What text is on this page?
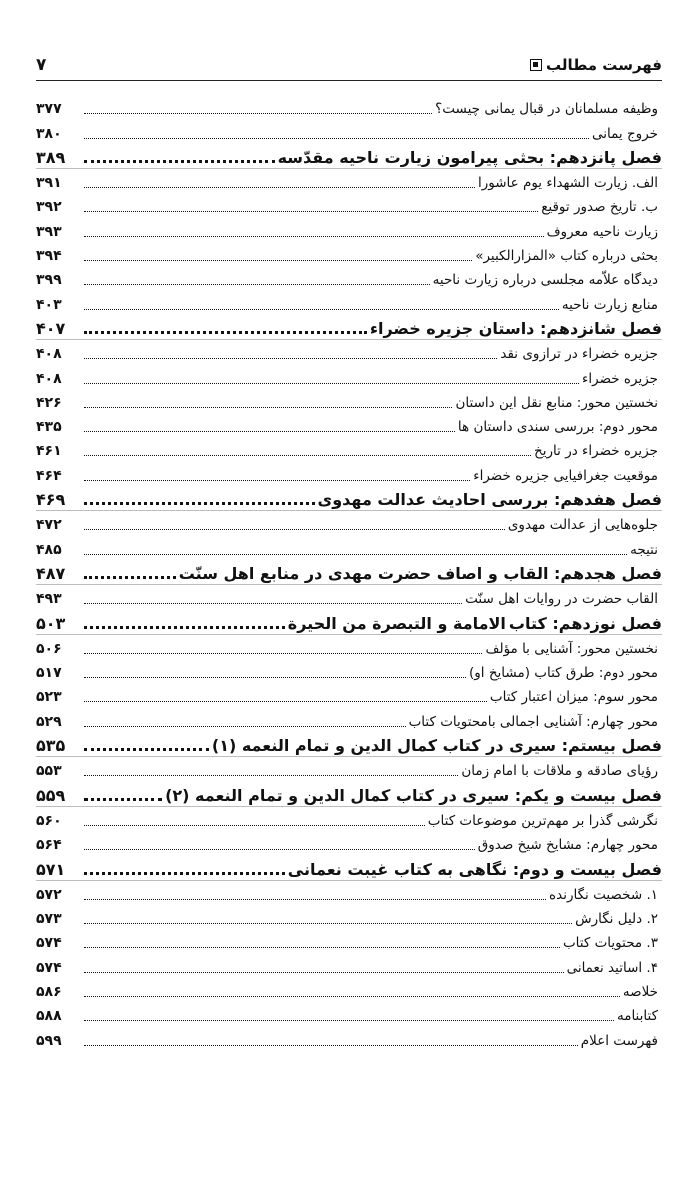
فهرست مطالب
۷
وظیفه مسلمانان در قبال یمانی چیست؟
۳۷۷
خروج یمانی
۳۸۰
فصل پانزدهم: بحثی پیرامون زیارت ناحیه مقدّسه
۳۸۹
الف. زیارت الشهداء یوم عاشورا
۳۹۱
ب. تاریخ صدور توقیع
۳۹۲
زیارت ناحیه معروف
۳۹۳
بحثی درباره کتاب «المزارالکبیر»
۳۹۴
دیدگاه علاّمه مجلسی درباره زیارت ناحیه
۳۹۹
منابع زیارت ناحیه
۴۰۳
فصل شانزدهم: داستان جزیره خضراء
۴۰۷
جزیره خضراء در ترازوی نقد
۴۰۸
جزیره خضراء
۴۰۸
نخستین محور: منابع نقل این داستان
۴۲۶
محور دوم: بررسی سندی داستان ها
۴۳۵
جزیره خضراء در تاریخ
۴۶۱
موقعیت جغرافیایی جزیره خضراء
۴۶۴
فصل هفدهم: بررسی احادیث عدالت مهدوی
۴۶۹
جلوه‌هایی از عدالت مهدوی
۴۷۲
نتیجه
۴۸۵
فصل هجدهم: القاب و اصاف حضرت مهدی در منابع اهل سنّت
۴۸۷
القاب حضرت در روایات اهل سنّت
۴۹۳
فصل نوزدهم: کتاب
الامامة و التبصرة من الحيرة
۵۰۳
نخستین محور: آشنایی با مؤلف
۵۰۶
محور دوم: طرق کتاب (مشایخ او)
۵۱۷
محور سوم: میزان اعتبار کتاب
۵۲۳
محور چهارم: آشنایی اجمالی بامحتویات کتاب
۵۲۹
فصل بیستم: سیری در کتاب کمال الدین و تمام النعمه (۱)
۵۳۵
رؤیای صادقه و ملاقات با امام زمان
۵۵۳
فصل بیست و یکم: سیری در کتاب کمال الدین و تمام النعمه (۲)
۵۵۹
نگرشی گذرا بر مهم‌ترین موضوعات کتاب
۵۶۰
محور چهارم: مشایخ شیخ صدوق
۵۶۴
فصل بیست و دوم: نگاهی به کتاب غیبت نعمانی
۵۷۱
۱. شخصیت نگارنده
۵۷۲
۲. دلیل نگارش
۵۷۳
۳. محتویات کتاب
۵۷۴
۴. اساتید نعمانی
۵۷۴
خلاصه
۵۸۶
کتابنامه
۵۸۸
فهرست اعلام
۵۹۹
